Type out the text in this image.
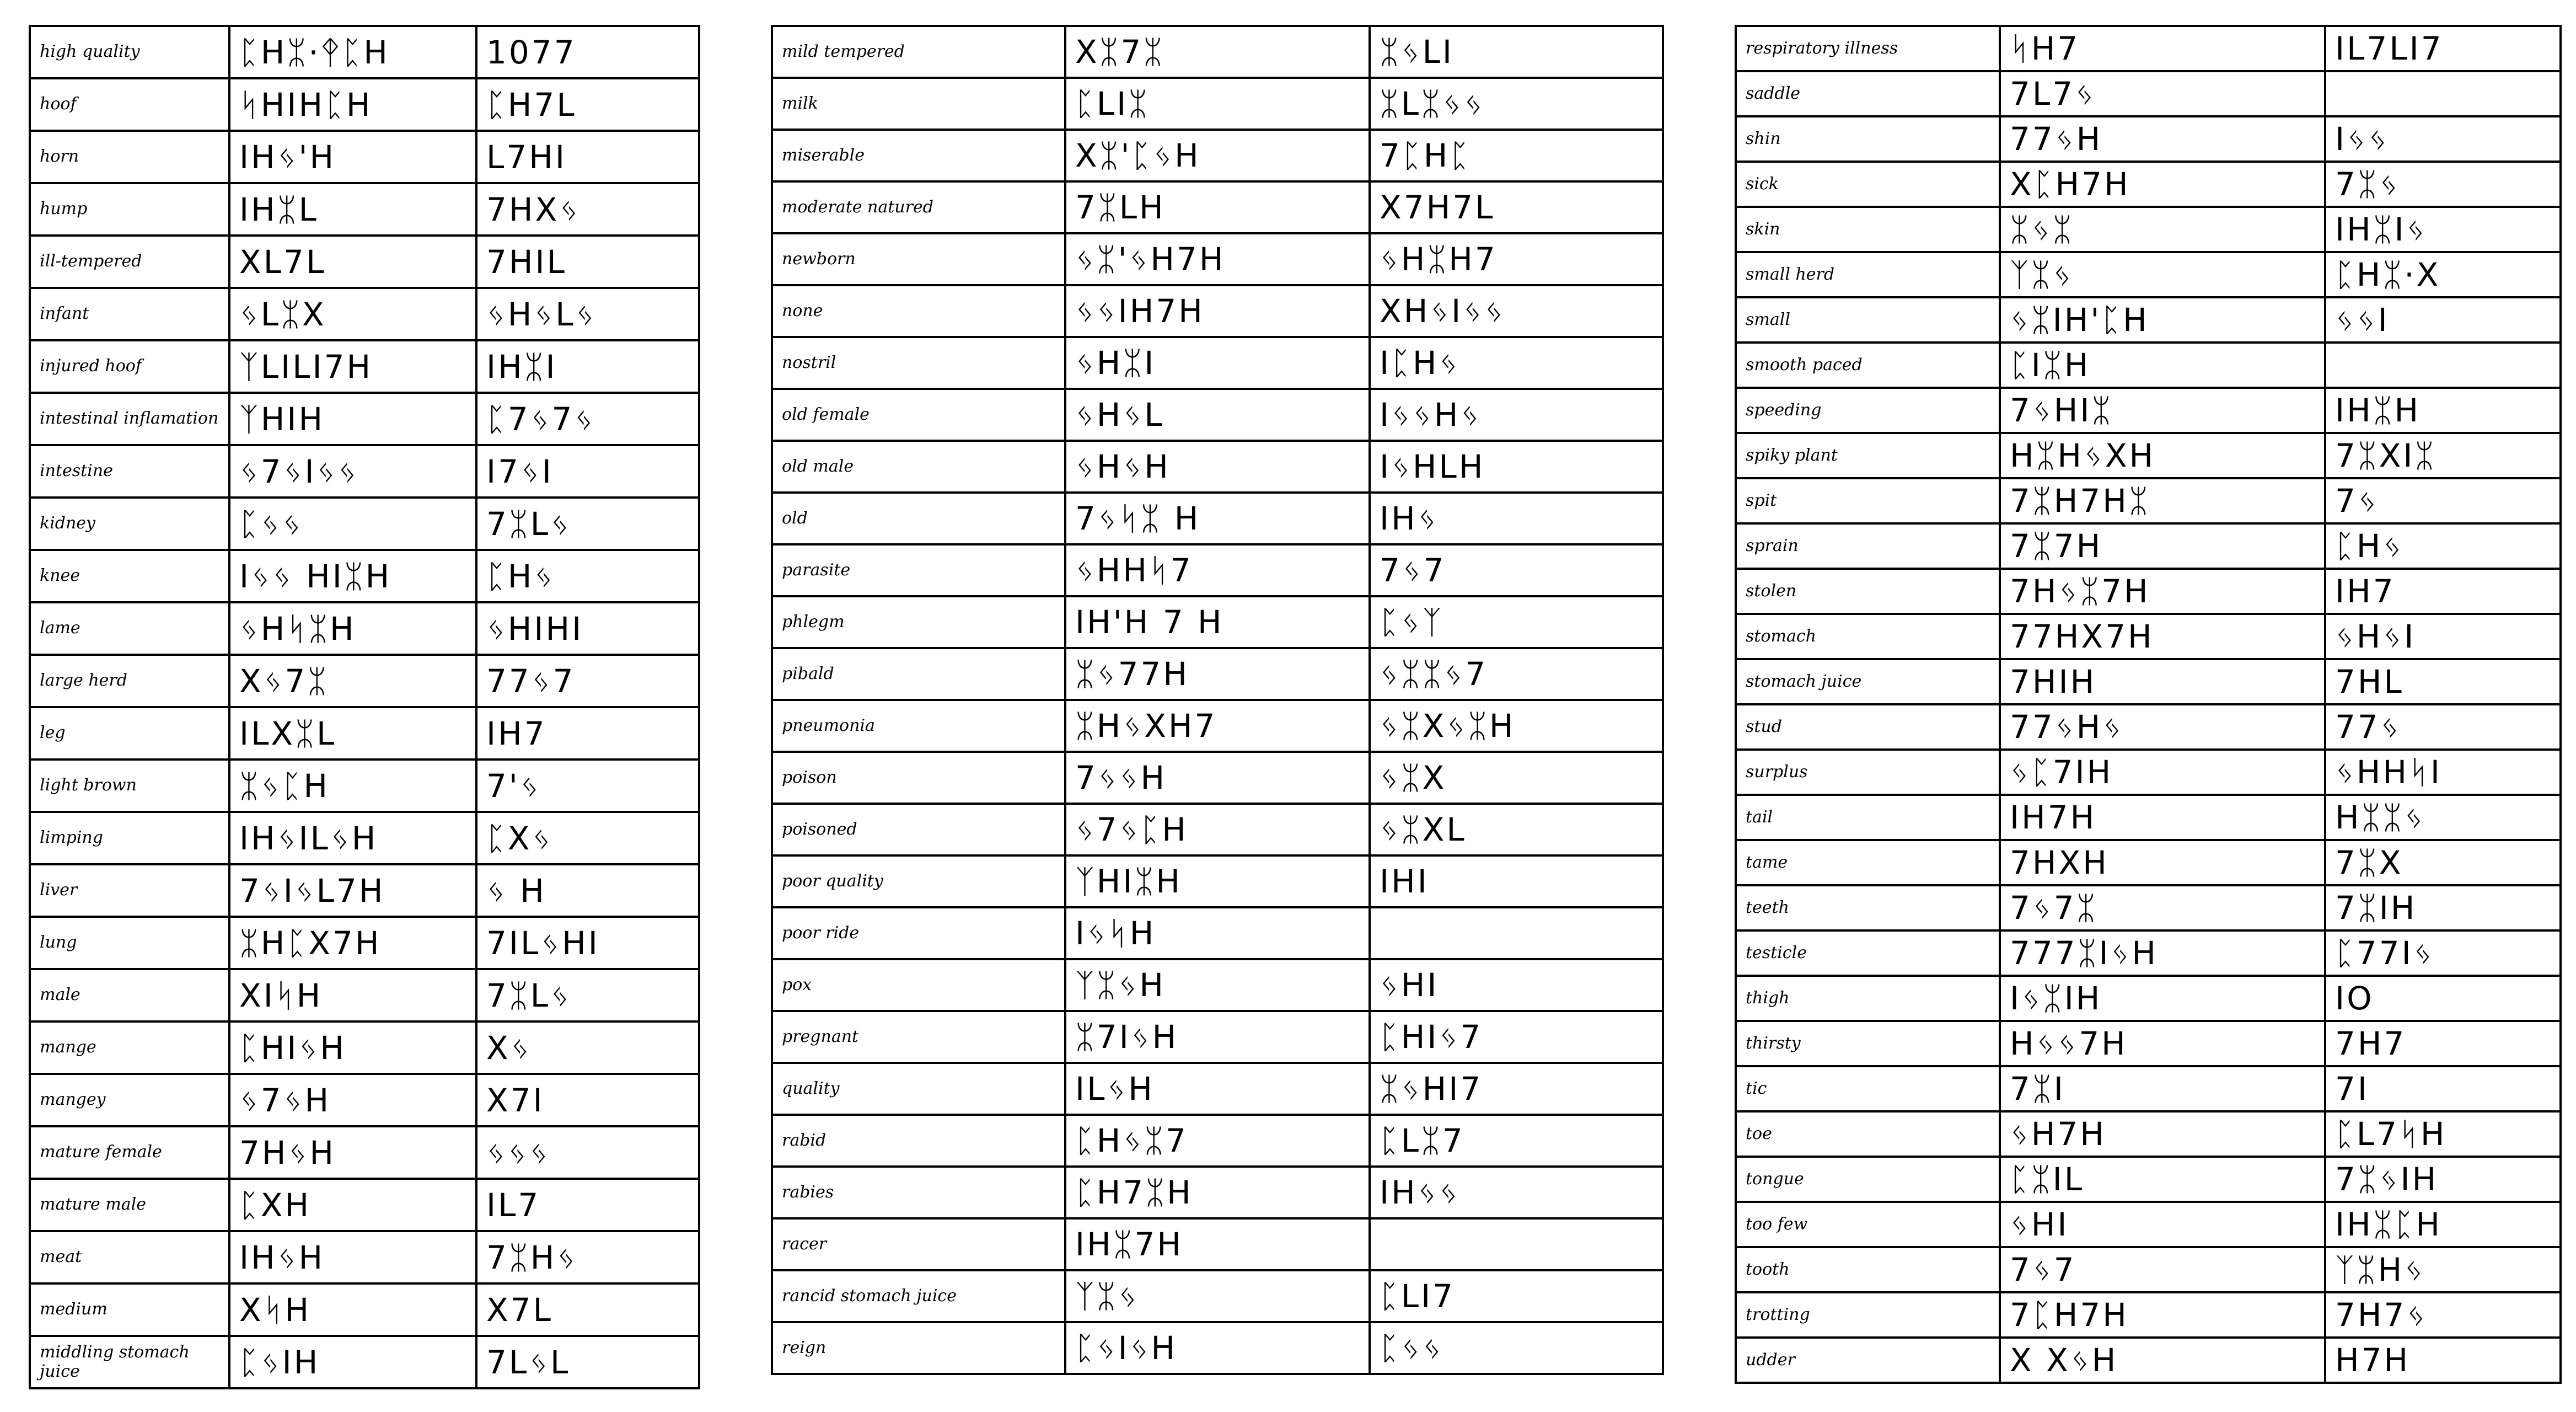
high quality	ᛈHᛯ·ᛳᛈH	1077
hoof	ᛋHIHᛈH	ᛈH7ᒪ
horn	IHᛃ'H	L7HI
hump	IHᛯL	7HXᛃ
ill-tempered	XL7L	7HIL
infant	ᛃLᛯX	ᛃHᛃLᛃ
injured hoof	ᛉLILI7H	IHᛯI
intestinal inflamation ᛉHIH	ᛈ7ᛃ7ᛃ
intestine	ᛃ7ᛃIᛃᛃ	I7ᛃI
kidney	ᛈᛃᛃ	7ᛯLᛃ
knee	Iᛃᛃ HIᛯH	ᛈHᛃ
lame	ᛃHᛋᛯH	ᛃHIHI
large herd	Xᛃ7ᛯ	77ᛃ7
leg	ILXᛯL	IH7
light brown	ᛯᛃᛈH	7'ᛃ
limping	IHᛃILᛃH	ᛈXᛃ
liver	7ᛃIᛃL7H	ᛃ H
lung	ᛯHᛈX7H	7ILᛃHI
male	XIᛋH	7ᛯLᛃ
mange	ᛈHIᛃH	Xᛃ
mangey	ᛃ7ᛃH	X7I
mature female	7HᛃH	ᛃᛃᛃ
mature male	ᛈXH	IL7
meat	IHᛃH	7ᛯHᛃ
medium	XᛋH	X7L
middling stomach juice	ᛈᛃIH	7LᛃL
mild tempered	Xᛯ7ᛯ	ᛯᛃLI
milk	ᛈLIᛯ	ᛯLᛯᛃᛃ
miserable	Xᛯ'ᛈᛃH	7ᛈHᛈ
moderate natured	7ᛯLH	X7H7L
newborn	ᛃᛯ'ᛃH7H	ᛃHᛯH7
none	ᛃᛃIH7H	XHᛃIᛃᛃ
nostril	ᛃHᛯI	IᛈHᛃ
old female	ᛃHᛃL	IᛃᛃHᛃ
old male	ᛃHᛃH	IᛃHLH
old	7ᛃᛋᛯ H	IHᛃ
parasite	ᛃHHᛋ7	7ᛃ7
phlegm	IH'H 7 H	ᛈᛃᛉ
pibald	ᛯᛃ77H	ᛃᛯᛯᛃ7
pneumonia	ᛯHᛃXH7	ᛃᛯXᛃᛯH
poison	7ᛃᛃH	ᛃᛯX
poisoned	ᛃ7ᛃᛈH	ᛃᛯXL
poor quality	ᛉHIᛯH	IHI
poor ride	IᛃᛋH
pox	ᛉᛯᛃH	ᛃHI
pregnant	ᛯ7IᛃH	ᛈHIᛃ7
quality	ILᛃH	ᛯᛃHI7
rabid	ᛈHᛃᛯ7	ᛈLᛯ7
rabies	ᛈH7ᛯH	IHᛃᛃ
racer	IHᛯ7H
rancid stomach juice	ᛉᛯᛃ	ᛈLI7
reign	ᛈᛃIᛃH	ᛈᛃᛃ
respiratory illness	ᛋH7	IL7LI7
saddle	7L7ᛃ
shin	77ᛃH	Iᛃᛃ
sick	XᛈH7H	7ᛯᛃ
skin	ᛯᛃᛯ	IHᛯIᛃ
small herd	ᛉᛯᛃ	ᛈHᛯ·X
small	ᛃᛯIH'ᛈH	ᛃᛃI
smooth paced	ᛈIᛯH
speeding	7ᛃHIᛯ	IHᛯH
spiky plant	HᛯHᛃXH	7ᛯXIᛯ
spit	7ᛯH7Hᛯ	7ᛃ
sprain	7ᛯ7H	ᛈHᛃ
stolen	7Hᛃᛯ7H	IH7
stomach	77HX7H	ᛃHᛃI
stomach juice	7HIH	7HL
stud	77ᛃHᛃ	77ᛃ
surplus	ᛃᛈ7IH	ᛃHHᛋI
tail	IH7H	Hᛯᛯᛃ
tame	7HXH	7ᛯX
teeth	7ᛃ7ᛯ	7ᛯIH
testicle	777ᛯIᛃH	ᛈ77Iᛃ
thigh	IᛃᛯIH	IO
thirsty	Hᛃᛃ7H	7H7
tic	7ᛯI	7I
toe	ᛃH7H	ᛈL7ᛋH
tongue	ᛈᛯIL	7ᛯᛃIH
too few	ᛃHI	IHᛯᛈH
tooth	7ᛃ7	ᛉᛯHᛃ
trotting	7ᛈH7H	7H7ᛃ
udder	X XᛃH	H7H
